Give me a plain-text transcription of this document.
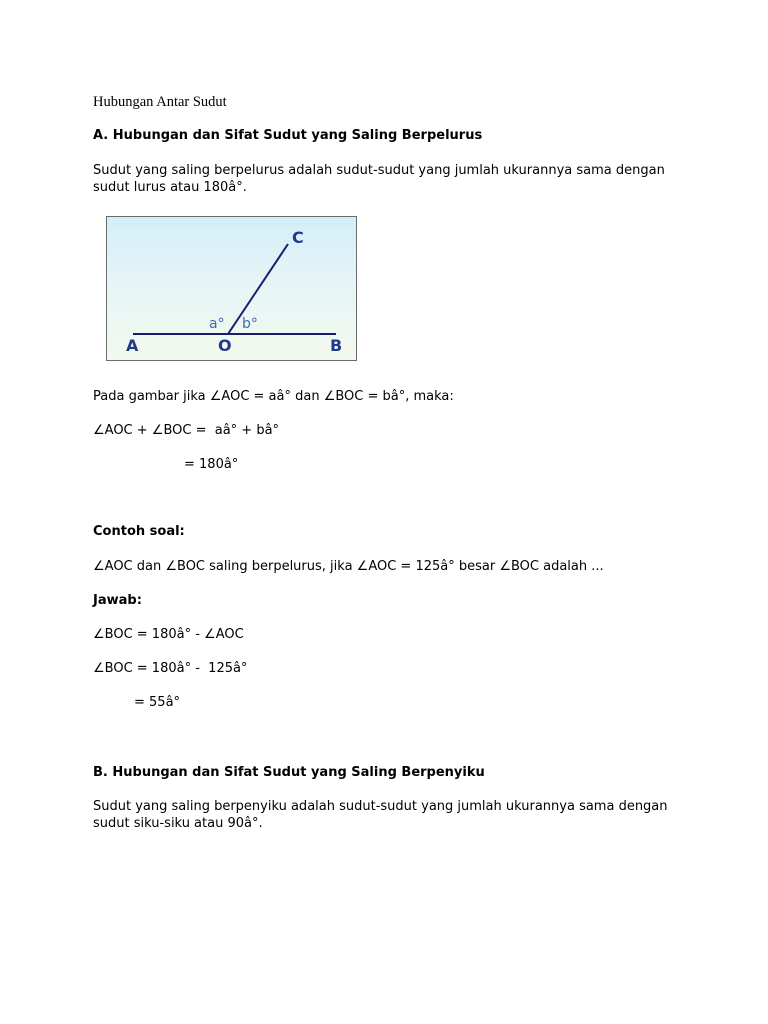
Hubungan Antar Sudut
A. Hubungan dan Sifat Sudut yang Saling Berpelurus
Sudut yang saling berpelurus adalah sudut-sudut yang jumlah ukurannya sama dengan
sudut lurus atau 180â°.
A	O	B
C
a° b°
Pada gambar jika ∠AOC = aâ° dan ∠BOC = bâ°, maka:
∠AOC + ∠BOC =  aâ° + bâ°
= 180â°
Contoh soal:
∠AOC dan ∠BOC saling berpelurus, jika ∠AOC = 125â° besar ∠BOC adalah ...
Jawab:
∠BOC = 180â° - ∠AOC
∠BOC = 180â° -  125â°
= 55â°
B. Hubungan dan Sifat Sudut yang Saling Berpenyiku
Sudut yang saling berpenyiku adalah sudut-sudut yang jumlah ukurannya sama dengan
sudut siku-siku atau 90â°.
